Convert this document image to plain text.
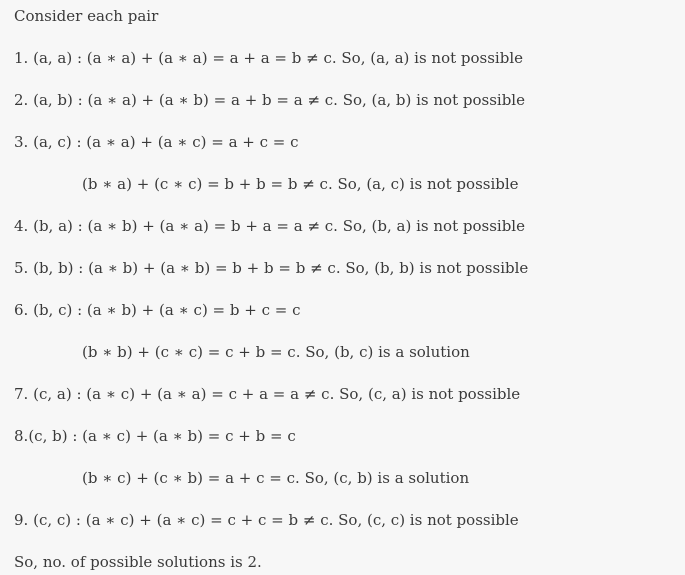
Consider each pair
1. (a, a) : (a ∗ a) + (a ∗ a) = a + a = b ≠ c. So, (a, a) is not possible
2. (a, b) : (a ∗ a) + (a ∗ b) = a + b = a ≠ c. So, (a, b) is not possible
3. (a, c) : (a ∗ a) + (a ∗ c) = a + c = c
(b ∗ a) + (c ∗ c) = b + b = b ≠ c. So, (a, c) is not possible
4. (b, a) : (a ∗ b) + (a ∗ a) = b + a = a ≠ c. So, (b, a) is not possible
5. (b, b) : (a ∗ b) + (a ∗ b) = b + b = b ≠ c. So, (b, b) is not possible
6. (b, c) : (a ∗ b) + (a ∗ c) = b + c = c
(b ∗ b) + (c ∗ c) = c + b = c. So, (b, c) is a solution
7. (c, a) : (a ∗ c) + (a ∗ a) = c + a = a ≠ c. So, (c, a) is not possible
8.(c, b) : (a ∗ c) + (a ∗ b) = c + b = c
(b ∗ c) + (c ∗ b) = a + c = c. So, (c, b) is a solution
9. (c, c) : (a ∗ c) + (a ∗ c) = c + c = b ≠ c. So, (c, c) is not possible
So, no. of possible solutions is 2.
